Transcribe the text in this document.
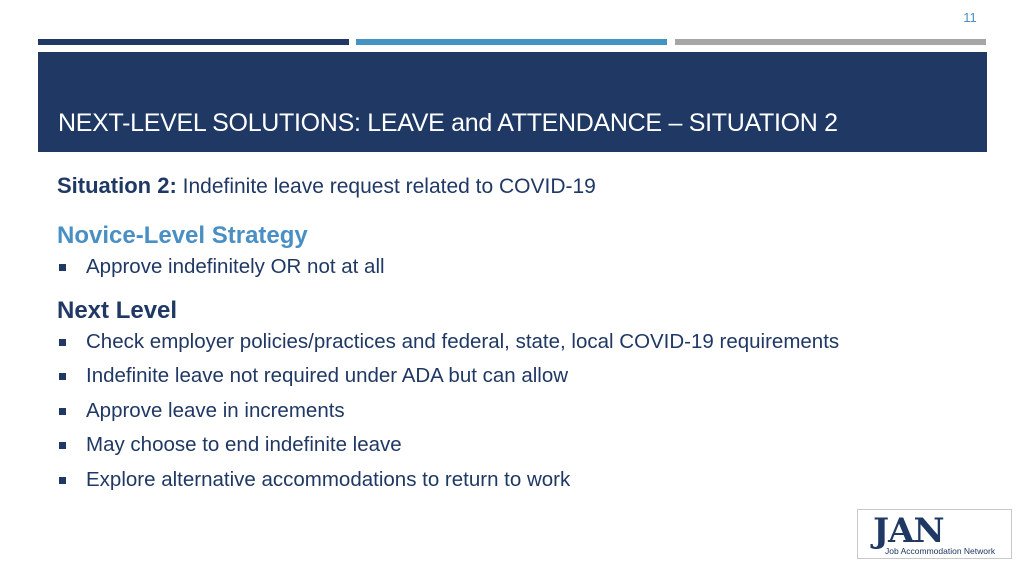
11
NEXT-LEVEL SOLUTIONS: LEAVE and ATTENDANCE – SITUATION 2
Situation 2: Indefinite leave request related to COVID-19
Novice-Level Strategy
Approve indefinitely OR not at all
Next Level
Check employer policies/practices and federal, state, local COVID-19 requirements
Indefinite leave not required under ADA but can allow
Approve leave in increments
May choose to end indefinite leave
Explore alternative accommodations to return to work
JAN
Job Accommodation Network
